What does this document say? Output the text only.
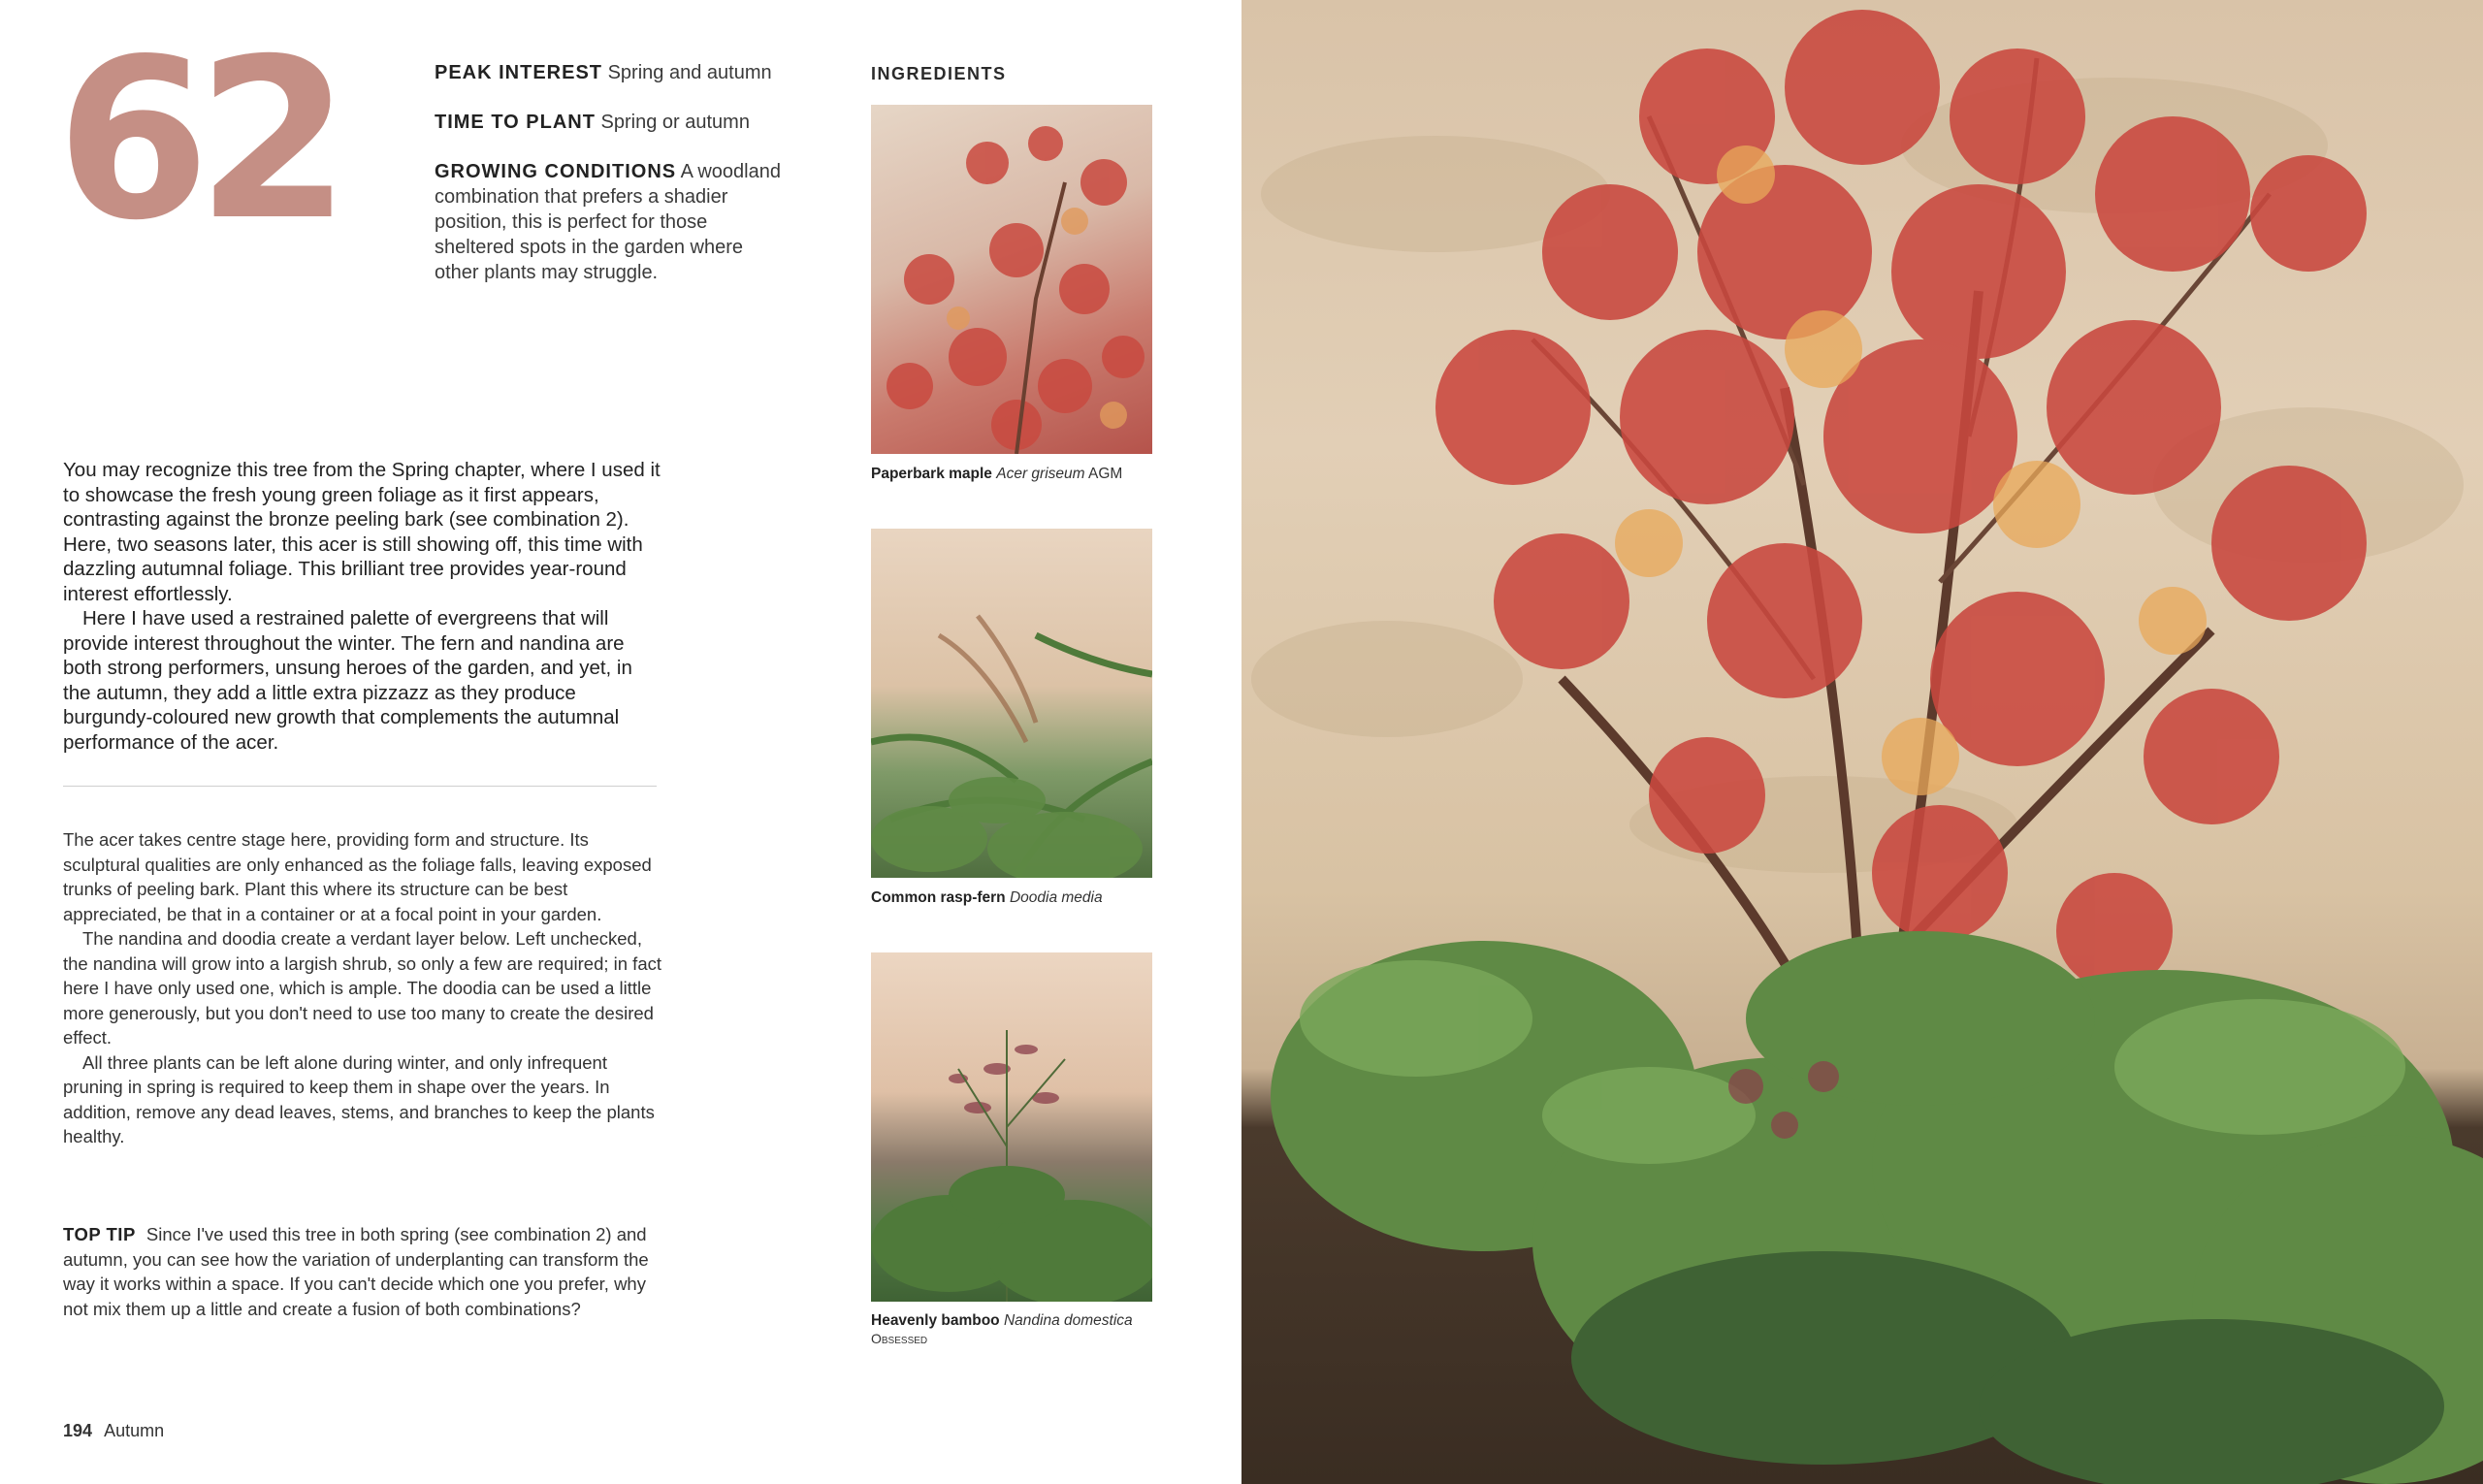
62	PEAK INTEREST Spring and autumn

TIME TO PLANT Spring or autumn

GROWING CONDITIONS A woodland combination that prefers a shadier position, this is perfect for those sheltered spots in the garden where other plants may struggle.

You may recognize this tree from the Spring chapter, where I used it to showcase the fresh young green foliage as it first appears, contrasting against the bronze peeling bark (see combination 2). Here, two seasons later, this acer is still showing off, this time with dazzling autumnal foliage. This brilliant tree provides year-round interest effortlessly.

Here I have used a restrained palette of evergreens that will provide interest throughout the winter. The fern and nandina are both strong performers, unsung heroes of the garden, and yet, in the autumn, they add a little extra pizzazz as they produce burgundy-coloured new growth that complements the autumnal performance of the acer.

The acer takes centre stage here, providing form and structure. Its sculptural qualities are only enhanced as the foliage falls, leaving exposed trunks of peeling bark. Plant this where its structure can be best appreciated, be that in a container or at a focal point in your garden.

The nandina and doodia create a verdant layer below. Left unchecked, the nandina will grow into a largish shrub, so only a few are required; in fact here I have only used one, which is ample. The doodia can be used a little more generously, but you don't need to use too many to create the desired effect.

All three plants can be left alone during winter, and only infrequent pruning in spring is required to keep them in shape over the years. In addition, remove any dead leaves, stems, and branches to keep the plants healthy.

TOP TIP Since I've used this tree in both spring (see combination 2) and autumn, you can see how the variation of underplanting can transform the way it works within a space. If you can't decide which one you prefer, why not mix them up a little and create a fusion of both combinations?
194 Autumn
INGREDIENTS
Paperbark maple Acer griseum AGM
Common rasp-fern Doodia media
Heavenly bamboo Nandina domestica Obsessed
